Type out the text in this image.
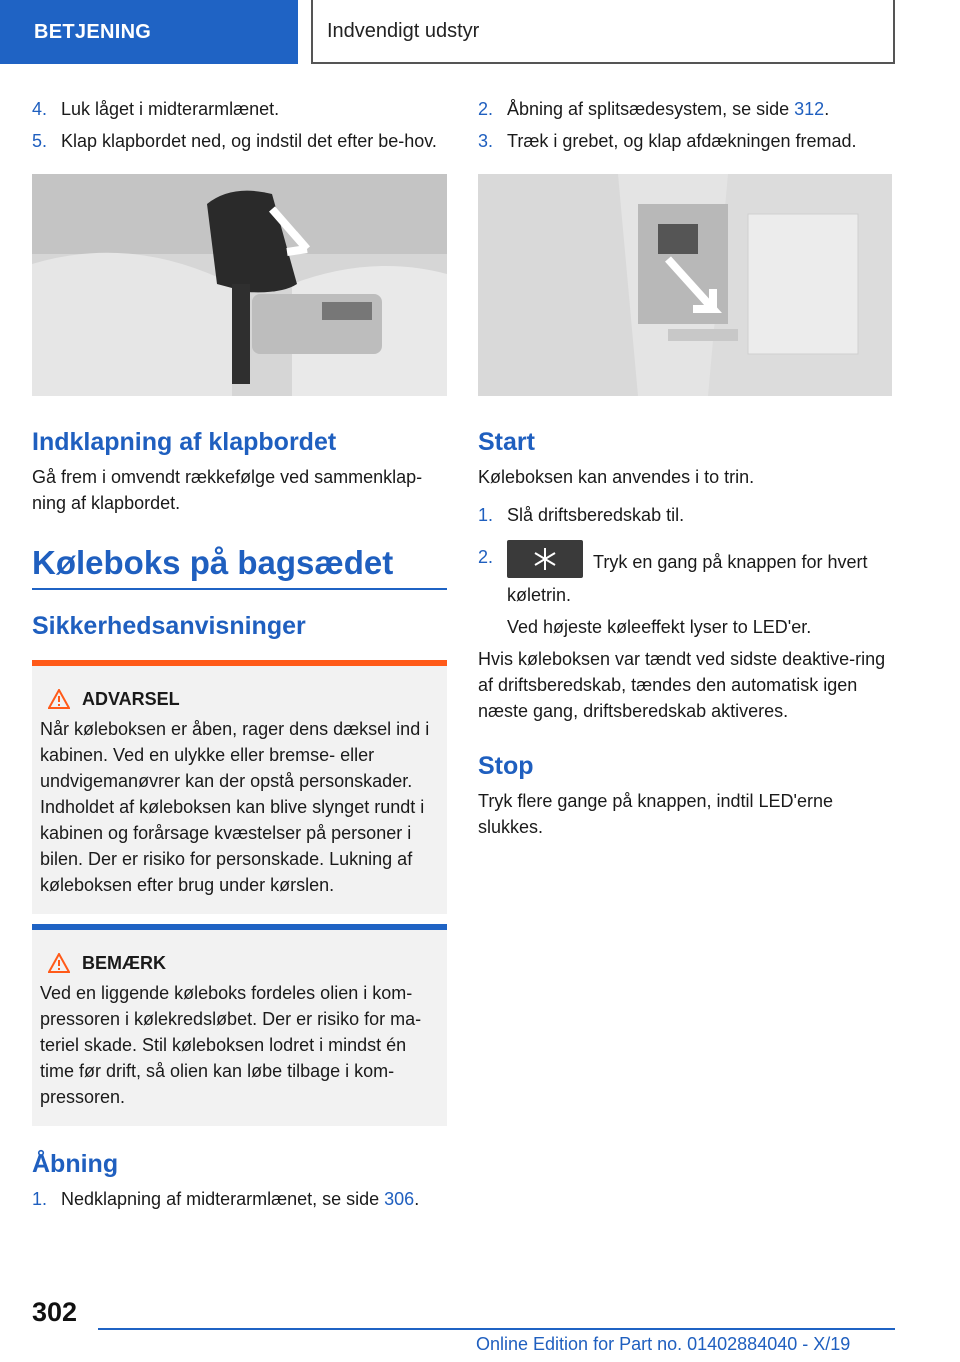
BETJENING	Indvendigt udstyr
4. Luk låget i midterarmlænet.
5. Klap klapbordet ned, og indstil det efter be-hov.
Indklapning af klapbordet

Gå frem i omvendt rækkefølge ved sammenklap-ning af klapbordet.

Køleboks på bagsædet
Sikkerhedsanvisninger
ADVARSEL
Når køleboksen er åben, rager dens dæksel ind i kabinen. Ved en ulykke eller bremse- eller undvigemanøvrer kan der opstå personskader. Indholdet af køleboksen kan blive slynget rundt i kabinen og forårsage kvæstelser på personer i bilen. Der er risiko for personskade. Lukning af køleboksen efter brug under kørslen.
BEMÆRK
Ved en liggende køleboks fordeles olien i kom-pressoren i kølekredsløbet. Der er risiko for ma-teriel skade. Stil køleboksen lodret i mindst én time før drift, så olien kan løbe tilbage i kom-pressoren.
Åbning
1. Nedklapning af midterarmlænet, se side 306.
2. Åbning af splitsædesystem, se side 312.
3. Træk i grebet, og klap afdækningen fremad.
Start

Køleboksen kan anvendes i to trin.

1. Slå driftsberedskab til.
2.	Tryk en gang på knappen for hvert køletrin.

Ved højeste køleeffekt lyser to LED'er.

Hvis køleboksen var tændt ved sidste deaktive-ring af driftsberedskab, tændes den automatisk igen næste gang, driftsberedskab aktiveres.

Stop

Tryk flere gange på knappen, indtil LED'erne slukkes.

302
Online Edition for Part no. 01402884040 - X/19
